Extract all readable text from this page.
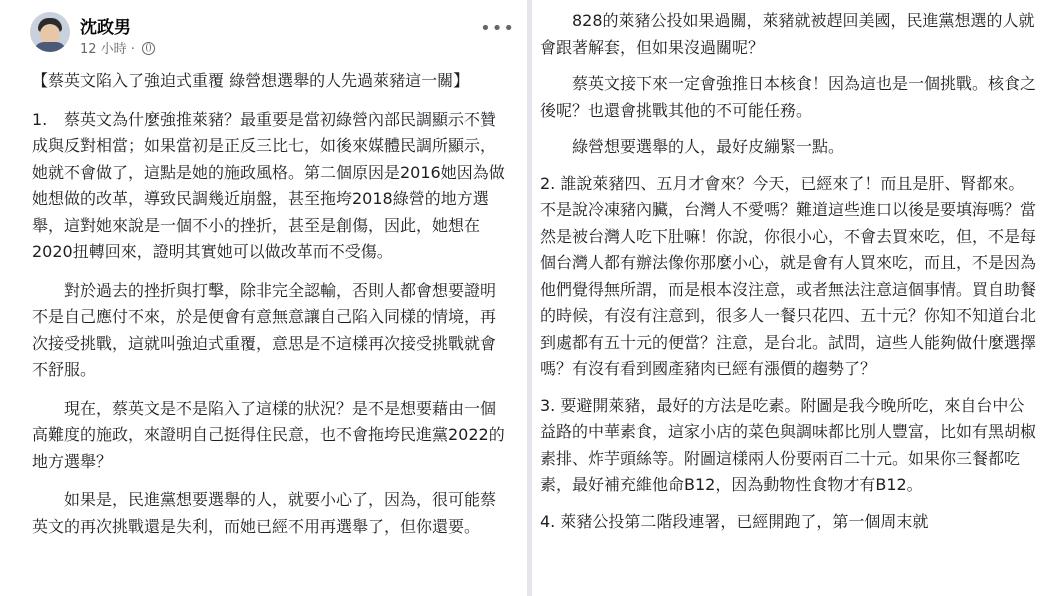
沈政男
12 小時 ·
•••

【蔡英文陷入了強迫式重覆 綠營想選舉的人先過萊豬這一關】

1. 蔡英文為什麼強推萊豬？最重要是當初綠營內部民調顯示不贊成與反對相當；如果當初是正反三比七，如後來媒體民調所顯示，她就不會做了，這點是她的施政風格。第二個原因是2016她因為做她想做的改革，導致民調幾近崩盤，甚至拖垮2018綠營的地方選舉，這對她來說是一個不小的挫折，甚至是創傷，因此，她想在2020扭轉回來，證明其實她可以做改革而不受傷。

對於過去的挫折與打擊，除非完全認輸，否則人都會想要證明不是自己應付不來，於是便會有意無意讓自己陷入同樣的情境，再次接受挑戰，這就叫強迫式重覆，意思是不這樣再次接受挑戰就會不舒服。

現在，蔡英文是不是陷入了這樣的狀況？是不是想要藉由一個高難度的施政，來證明自己挺得住民意，也不會拖垮民進黨2022的地方選舉？

如果是，民進黨想要選舉的人，就要小心了，因為，很可能蔡英文的再次挑戰還是失利，而她已經不用再選舉了，但你還要。

828的萊豬公投如果過關，萊豬就被趕回美國，民進黨想選的人就會跟著解套，但如果沒過關呢？

蔡英文接下來一定會強推日本核食！因為這也是一個挑戰。核食之後呢？也還會挑戰其他的不可能任務。

綠營想要選舉的人，最好皮繃緊一點。

2. 誰說萊豬四、五月才會來？今天，已經來了！而且是肝、腎都來。不是說冷凍豬內臟，台灣人不愛嗎？難道這些進口以後是要填海嗎？當然是被台灣人吃下肚嘛！你說，你很小心，不會去買來吃，但，不是每個台灣人都有辦法像你那麼小心，就是會有人買來吃，而且，不是因為他們覺得無所謂，而是根本沒注意，或者無法注意這個事情。買自助餐的時候，有沒有注意到，很多人一餐只花四、五十元？你知不知道台北到處都有五十元的便當？注意，是台北。試問，這些人能夠做什麼選擇嗎？有沒有看到國產豬肉已經有漲價的趨勢了？

3. 要避開萊豬，最好的方法是吃素。附圖是我今晚所吃，來自台中公益路的中華素食，這家小店的菜色與調味都比別人豐富，比如有黑胡椒素排、炸芋頭絲等。附圖這樣兩人份要兩百二十元。如果你三餐都吃素，最好補充維他命B12，因為動物性食物才有B12。

4. 萊豬公投第二階段連署，已經開跑了，第一個周末就
